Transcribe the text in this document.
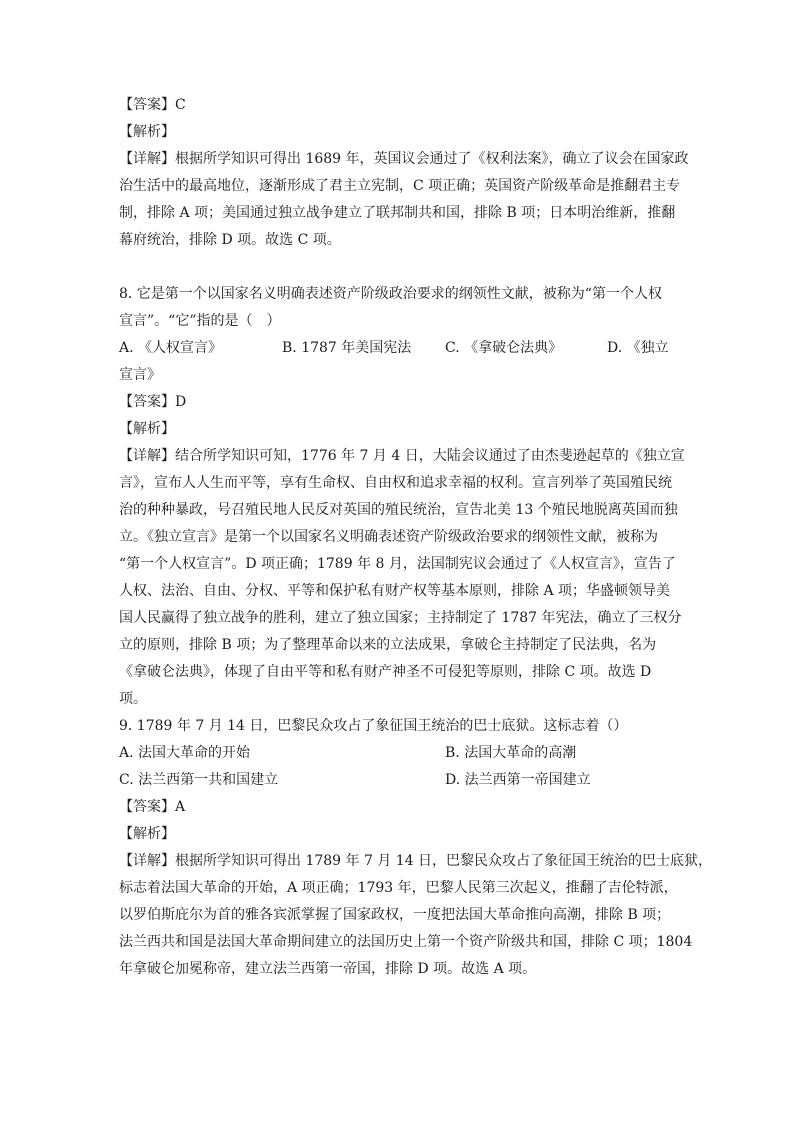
【答案】C
【解析】
【详解】根据所学知识可得出 1689 年，英国议会通过了《权利法案》，确立了议会在国家政
治生活中的最高地位，逐渐形成了君主立宪制，C 项正确；英国资产阶级革命是推翻君主专
制，排除 A 项；美国通过独立战争建立了联邦制共和国，排除 B 项；日本明治维新，推翻
幕府统治，排除 D 项。故选 C 项。
8. 它是第一个以国家名义明确表述资产阶级政治要求的纲领性文献，被称为“第一个人权
宣言”。“它”指的是（　）
A. 《人权宣言》	B. 1787 年美国宪法 C. 《拿破仑法典》	D. 《独立
宣言》
【答案】D
【解析】
【详解】结合所学知识可知，1776 年 7 月 4 日，大陆会议通过了由杰斐逊起草的《独立宣
言》，宣布人人生而平等，享有生命权、自由权和追求幸福的权利。宣言列举了英国殖民统
治的种种暴政，号召殖民地人民反对英国的殖民统治，宣告北美 13 个殖民地脱离英国而独
立。《独立宣言》是第一个以国家名义明确表述资产阶级政治要求的纲领性文献，被称为
“第一个人权宣言”。D 项正确；1789 年 8 月，法国制宪议会通过了《人权宣言》，宣告了
人权、法治、自由、分权、平等和保护私有财产权等基本原则，排除 A 项；华盛顿领导美
国人民赢得了独立战争的胜利，建立了独立国家；主持制定了 1787 年宪法，确立了三权分
立的原则，排除 B 项；为了整理革命以来的立法成果，拿破仑主持制定了民法典，名为
《拿破仑法典》，体现了自由平等和私有财产神圣不可侵犯等原则，排除 C 项。故选 D
项。
9. 1789 年 7 月 14 日，巴黎民众攻占了象征国王统治的巴士底狱。这标志着（）
A. 法国大革命的开始	B. 法国大革命的高潮
C. 法兰西第一共和国建立	D. 法兰西第一帝国建立
【答案】A
【解析】
【详解】根据所学知识可得出 1789 年 7 月 14 日，巴黎民众攻占了象征国王统治的巴士底狱，
标志着法国大革命的开始，A 项正确；1793 年，巴黎人民第三次起义，推翻了吉伦特派，
以罗伯斯庇尔为首的雅各宾派掌握了国家政权，一度把法国大革命推向高潮，排除 B 项；
法兰西共和国是法国大革命期间建立的法国历史上第一个资产阶级共和国，排除 C 项；1804
年拿破仑加冕称帝，建立法兰西第一帝国，排除 D 项。故选 A 项。
